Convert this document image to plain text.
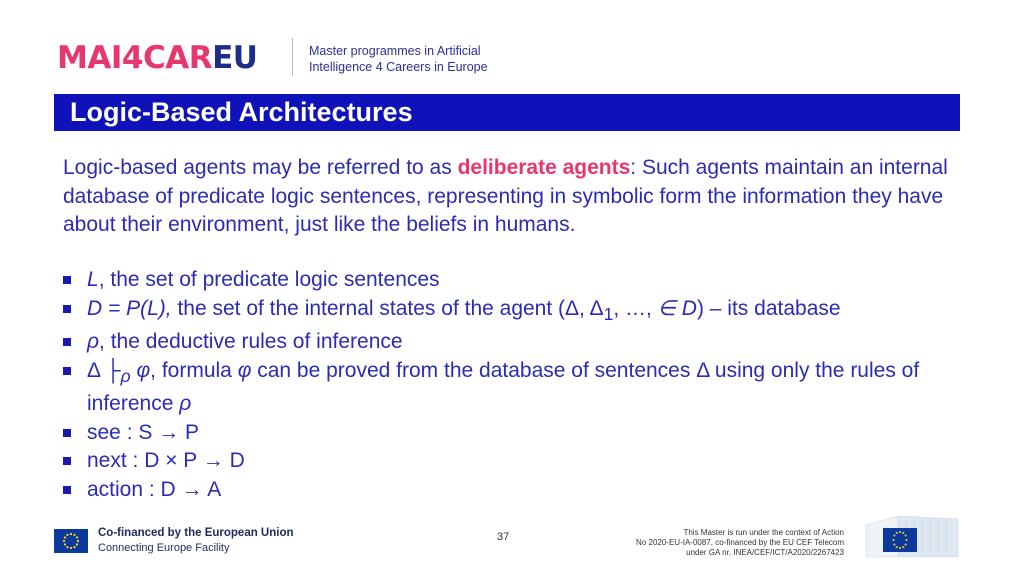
MAI4CAREU	Master programmes in Artificial
Intelligence 4 Careers in Europe
Logic-Based Architectures
Logic-based agents may be referred to as deliberate agents: Such agents maintain an internal database of predicate logic sentences, representing in symbolic form the information they have about their environment, just like the beliefs in humans.
L, the set of predicate logic sentences
D = P(L), the set of the internal states of the agent (Δ, $\Delta_1$, …, ∈ D) – its database
ρ, the deductive rules of inference
Δ $├_\rho$ φ, formula φ can be proved from the database of sentences Δ using only the rules of inference ρ
see : S → P
next : D × P → D
action : D → A
Co-financed by the European Union
Connecting Europe Facility
37	This Master is run under the context of Action
No 2020-EU-IA-0087, co-financed by the EU CEF Telecom
under GA nr. INEA/CEF/ICT/A2020/2267423
